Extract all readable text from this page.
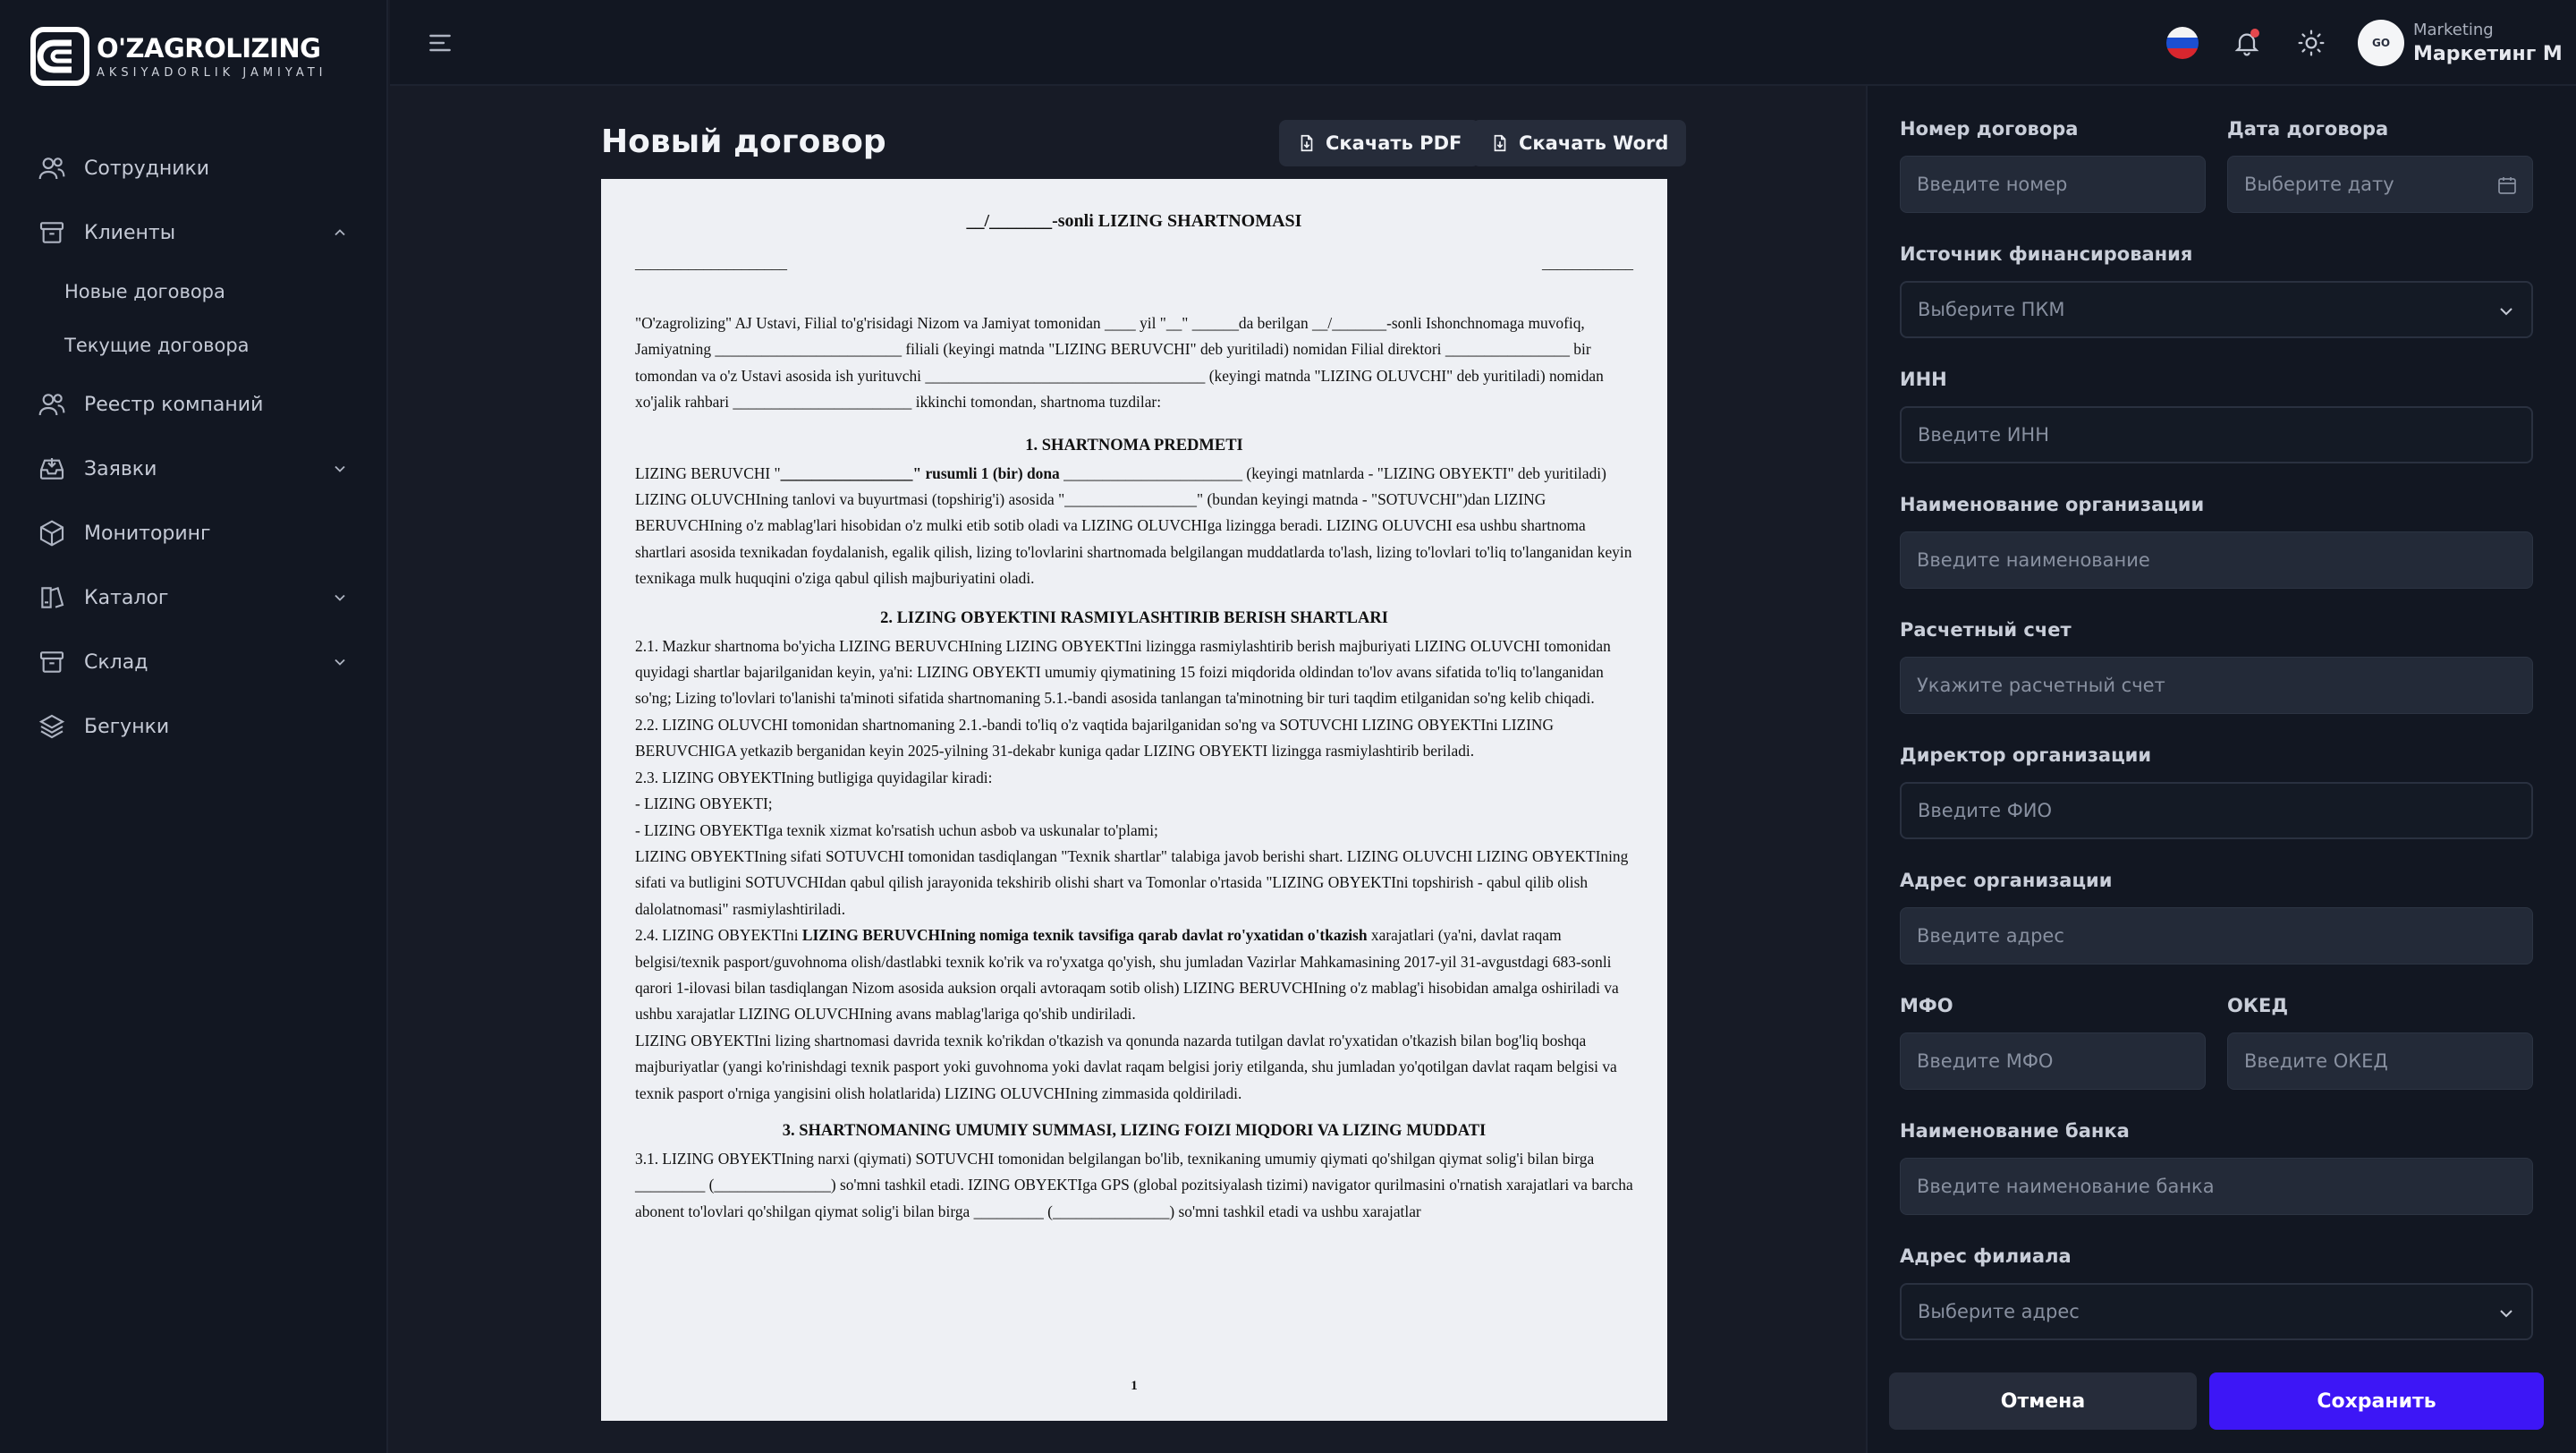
O'ZAGROLIZING
AKSIYADORLIK JAMIYATI
Сотрудники
Клиенты
Новые договора
Текущие договора
Реестр компаний
Заявки
Мониторинг
Каталог
Склад
Бегунки
GO
Marketing
Маркетинг М
Новый договор	Скачать PDF	Скачать Word
__/_______-sonli LIZING SHARTNOMASI
____________________	____________

"O'zagrolizing" AJ Ustavi, Filial to'g'risidagi Nizom va Jamiyat tomonidan ____ yil "__" ______da berilgan __/_______-sonli Ishonchnomaga muvofiq, Jamiyatning ________________________ filiali (keyingi matnda "LIZING BERUVCHI" deb yuritiladi) nomidan Filial direktori ________________ bir tomondan va o'z Ustavi asosida ish yurituvchi ____________________________________ (keyingi matnda "LIZING OLUVCHI" deb yuritiladi) nomidan xo'jalik rahbari _______________________ ikkinchi tomondan, shartnoma tuzdilar:

1. SHARTNOMA PREDMETI

LIZING BERUVCHI "_________________" rusumli 1 (bir) dona _______________________ (keyingi matnlarda - "LIZING OBYEKTI" deb yuritiladi) LIZING OLUVCHIning tanlovi va buyurtmasi (topshirig'i) asosida "_________________" (bundan keyingi matnda - "SOTUVCHI")dan LIZING BERUVCHIning o'z mablag'lari hisobidan o'z mulki etib sotib oladi va LIZING OLUVCHIga lizingga beradi. LIZING OLUVCHI esa ushbu shartnoma shartlari asosida texnikadan foydalanish, egalik qilish, lizing to'lovlarini shartnomada belgilangan muddatlarda to'lash, lizing to'lovlari to'liq to'langanidan keyin texnikaga mulk huquqini o'ziga qabul qilish majburiyatini oladi.

2. LIZING OBYEKTINI RASMIYLASHTIRIB BERISH SHARTLARI

2.1. Mazkur shartnoma bo'yicha LIZING BERUVCHIning LIZING OBYEKTIni lizingga rasmiylashtirib berish majburiyati LIZING OLUVCHI tomonidan quyidagi shartlar bajarilganidan keyin, ya'ni: LIZING OBYEKTI umumiy qiymatining 15 foizi miqdorida oldindan to'lov avans sifatida to'liq to'langanidan so'ng; Lizing to'lovlari to'lanishi ta'minoti sifatida shartnomaning 5.1.-bandi asosida tanlangan ta'minotning bir turi taqdim etilganidan so'ng kelib chiqadi.

2.2. LIZING OLUVCHI tomonidan shartnomaning 2.1.-bandi to'liq o'z vaqtida bajarilganidan so'ng va SOTUVCHI LIZING OBYEKTIni LIZING BERUVCHIGA yetkazib berganidan keyin 2025-yilning 31-dekabr kuniga qadar LIZING OBYEKTI lizingga rasmiylashtirib beriladi.

2.3. LIZING OBYEKTIning butligiga quyidagilar kiradi:

- LIZING OBYEKTI;

- LIZING OBYEKTIga texnik xizmat ko'rsatish uchun asbob va uskunalar to'plami;

LIZING OBYEKTIning sifati SOTUVCHI tomonidan tasdiqlangan "Texnik shartlar" talabiga javob berishi shart. LIZING OLUVCHI LIZING OBYEKTIning sifati va butligini SOTUVCHIdan qabul qilish jarayonida tekshirib olishi shart va Tomonlar o'rtasida "LIZING OBYEKTIni topshirish - qabul qilib olish dalolatnomasi" rasmiylashtiriladi.

2.4. LIZING OBYEKTIni LIZING BERUVCHIning nomiga texnik tavsifiga qarab davlat ro'yxatidan o'tkazish xarajatlari (ya'ni, davlat raqam belgisi/texnik pasport/guvohnoma olish/dastlabki texnik ko'rik va ro'yxatga qo'yish, shu jumladan Vazirlar Mahkamasining 2017-yil 31-avgustdagi 683-sonli qarori 1-ilovasi bilan tasdiqlangan Nizom asosida auksion orqali avtoraqam sotib olish) LIZING BERUVCHIning o'z mablag'i hisobidan amalga oshiriladi va ushbu xarajatlar LIZING OLUVCHIning avans mablag'lariga qo'shib undiriladi.

LIZING OBYEKTIni lizing shartnomasi davrida texnik ko'rikdan o'tkazish va qonunda nazarda tutilgan davlat ro'yxatidan o'tkazish bilan bog'liq boshqa majburiyatlar (yangi ko'rinishdagi texnik pasport yoki guvohnoma yoki davlat raqam belgisi joriy etilganda, shu jumladan yo'qotilgan davlat raqam belgisi va texnik pasport o'rniga yangisini olish holatlarida) LIZING OLUVCHIning zimmasida qoldiriladi.

3. SHARTNOMANING UMUMIY SUMMASI, LIZING FOIZI MIQDORI VA LIZING MUDDATI

3.1. LIZING OBYEKTIning narxi (qiymati) SOTUVCHI tomonidan belgilangan bo'lib, texnikaning umumiy qiymati qo'shilgan qiymat solig'i bilan birga _________ (_______________) so'mni tashkil etadi. IZING OBYEKTIga GPS (global pozitsiyalash tizimi) navigator qurilmasini o'rnatish xarajatlari va barcha abonent to'lovlari qo'shilgan qiymat solig'i bilan birga _________ (_______________) so'mni tashkil etadi va ushbu xarajatlar

1
Номер договора
Введите номер
Дата договора
Выберите дату
Источник финансирования
Выберите ПКМ
ИНН
Введите ИНН
Наименование организации
Введите наименование
Расчетный счет
Укажите расчетный счет
Директор организации
Введите ФИО
Адрес организации
Введите адрес
МФО
Введите МФО
ОКЕД
Введите ОКЕД
Наименование банка
Введите наименование банка
Адрес филиала
Выберите адрес
Отмена	Сохранить
